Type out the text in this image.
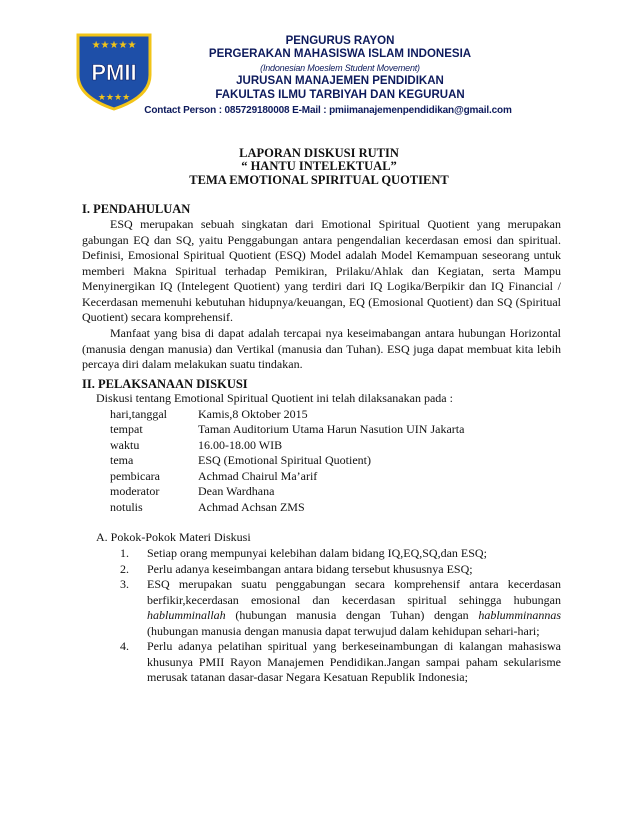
★★★★★
★★★★
PMII
PENGURUS RAYON
PERGERAKAN MAHASISWA ISLAM INDONESIA
(Indonesian Moeslem Student Movement)
JURUSAN MANAJEMEN PENDIDIKAN
FAKULTAS ILMU TARBIYAH DAN KEGURUAN
Contact Person : 085729180008 E-Mail : pmiimanajemenpendidikan@gmail.com
LAPORAN DISKUSI RUTIN
“ HANTU INTELEKTUAL”
TEMA EMOTIONAL SPIRITUAL QUOTIENT
I. PENDAHULUAN
ESQ merupakan sebuah singkatan dari Emotional Spiritual Quotient yang merupakan gabungan EQ dan SQ, yaitu Penggabungan antara pengendalian kecerdasan emosi dan spiritual. Definisi, Emosional Spiritual Quotient (ESQ) Model adalah Model Kemampuan seseorang untuk memberi Makna Spiritual terhadap Pemikiran, Prilaku/Ahlak dan Kegiatan, serta Mampu Menyinergikan IQ (Intelegent Quotient) yang terdiri dari IQ Logika/Berpikir dan IQ Financial / Kecerdasan memenuhi kebutuhan hidupnya/keuangan, EQ (Emosional Quotient) dan SQ (Spiritual Quotient) secara komprehensif.
Manfaat yang bisa di dapat adalah tercapai nya keseimabangan antara hubungan Horizontal (manusia dengan manusia) dan Vertikal (manusia dan Tuhan). ESQ juga dapat membuat kita lebih percaya diri dalam melakukan suatu tindakan.
II. PELAKSANAAN DISKUSI
Diskusi tentang Emotional Spiritual Quotient ini telah dilaksanakan pada :
hari,tanggal	Kamis,8 Oktober 2015
tempat	Taman Auditorium Utama Harun Nasution UIN Jakarta
waktu	16.00-18.00 WIB
tema	ESQ (Emotional Spiritual Quotient)
pembicara	Achmad Chairul Ma’arif
moderator	Dean Wardhana
notulis	Achmad Achsan ZMS
A. Pokok-Pokok Materi Diskusi
1. Setiap orang mempunyai kelebihan dalam bidang IQ,EQ,SQ,dan ESQ;
2. Perlu adanya keseimbangan antara bidang tersebut khususnya ESQ;
3. ESQ merupakan suatu penggabungan secara komprehensif antara kecerdasan berfikir,kecerdasan emosional dan kecerdasan spiritual sehingga hubungan hablumminallah (hubungan manusia dengan Tuhan) dengan hablumminannas (hubungan manusia dengan manusia dapat terwujud dalam kehidupan sehari-hari;
4. Perlu adanya pelatihan spiritual yang berkeseinambungan di kalangan mahasiswa khusunya PMII Rayon Manajemen Pendidikan.Jangan sampai paham sekularisme merusak tatanan dasar-dasar Negara Kesatuan Republik Indonesia;
